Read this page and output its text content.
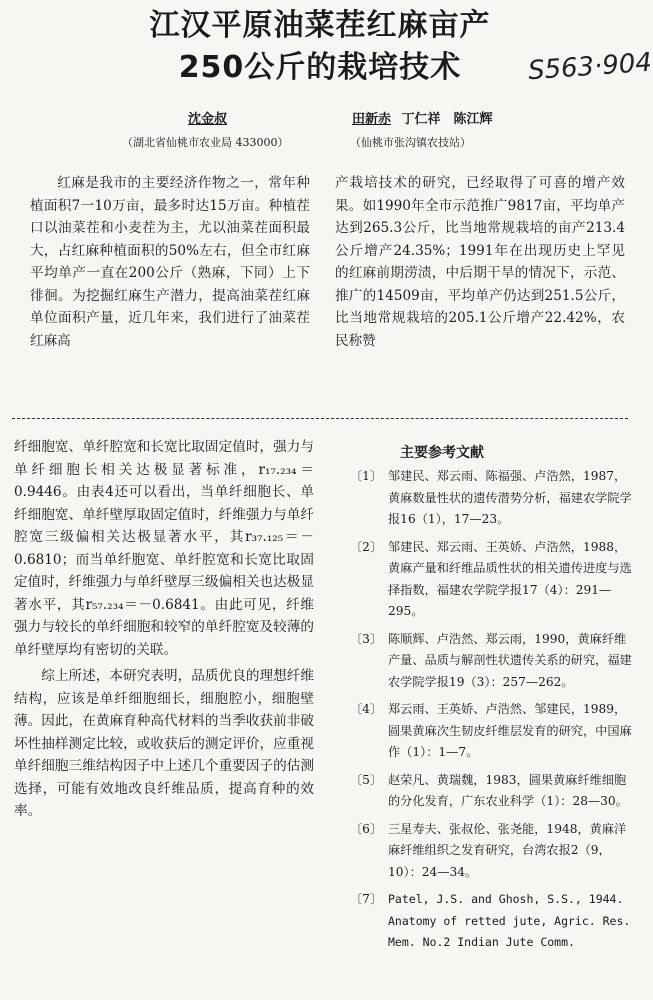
江汉平原油菜茬红麻亩产
250公斤的栽培技术	S563·904
沈金叔
（湖北省仙桃市农业局 433000）
田新赤 丁仁祥　陈江辉
（仙桃市张沟镇农技站）

红麻是我市的主要经济作物之一，常年种植面积7一10万亩，最多时达15万亩。种植茬口以油菜茬和小麦茬为主，尤以油菜茬面积最大，占红麻种植面积的50%左右，但全市红麻平均单产一直在200公斤（熟麻，下同）上下徘徊。为挖掘红麻生产潜力，提高油菜茬红麻单位面积产量，近几年来，我们进行了油菜茬红麻高

产栽培技术的研究，已经取得了可喜的增产效果。如1990年全市示范推广9817亩，平均单产达到265.3公斤，比当地常规栽培的亩产213.4公斤增产24.35%；1991年在出现历史上罕见的红麻前期涝渍，中后期干旱的情况下，示范、推广的14509亩，平均单产仍达到251.5公斤，比当地常规栽培的205.1公斤增产22.42%，农民称赞

纤细胞宽、单纤腔宽和长宽比取固定值时，强力与单纤细胞长相关达极显著标准，r₁₇.₂₃₄＝0.9446。由表4还可以看出，当单纤细胞长、单纤细胞宽、单纤壁厚取固定值时，纤维强力与单纤腔宽三级偏相关达极显著水平，其r₃₇.₁₂₅＝－0.6810；而当单纤胞宽、单纤腔宽和长宽比取固定值时，纤维强力与单纤壁厚三级偏相关也达极显著水平，其r₅₇.₂₃₄＝－0.6841。由此可见，纤维强力与较长的单纤细胞和较窄的单纤腔宽及较薄的单纤壁厚均有密切的关联。

综上所述，本研究表明，品质优良的理想纤维结构，应该是单纤细胞细长，细胞腔小，细胞壁薄。因此，在黄麻育种高代材料的当季收获前非破坏性抽样测定比较，或收获后的测定评价，应重视单纤细胞三维结构因子中上述几个重要因子的估测选择，可能有效地改良纤维品质，提高育种的效率。

主要参考文献
〔1〕 邹建民、郑云雨、陈福强、卢浩然，1987，黄麻数量性状的遗传潜势分析，福建农学院学报16（1），17—23。
〔2〕 邹建民、郑云雨、王英娇、卢浩然，1988，黄麻产量和纤维品质性状的相关遗传进度与选择指数，福建农学院学报17（4）：291—295。
〔3〕 陈顺辉、卢浩然、郑云雨，1990，黄麻纤维产量、品质与解剖性状遗传关系的研究，福建农学院学报19（3）：257—262。
〔4〕 郑云雨、王英娇、卢浩然、邹建民，1989，圆果黄麻次生韧皮纤维层发育的研究，中国麻作（1）：1—7。
〔5〕 赵荣凡、黄瑞魏，1983，圆果黄麻纤维细胞的分化发育，广东农业科学（1）：28—30。
〔6〕 三星寿夫、张叔伦、张尧能，1948，黄麻洋麻纤维组织之发育研究，台湾农报2（9，10）：24—34。
〔7〕 Patel, J.S. and Ghosh, S.S., 1944. Anatomy of retted jute, Agric. Res. Mem. No.2 Indian Jute Comm.
